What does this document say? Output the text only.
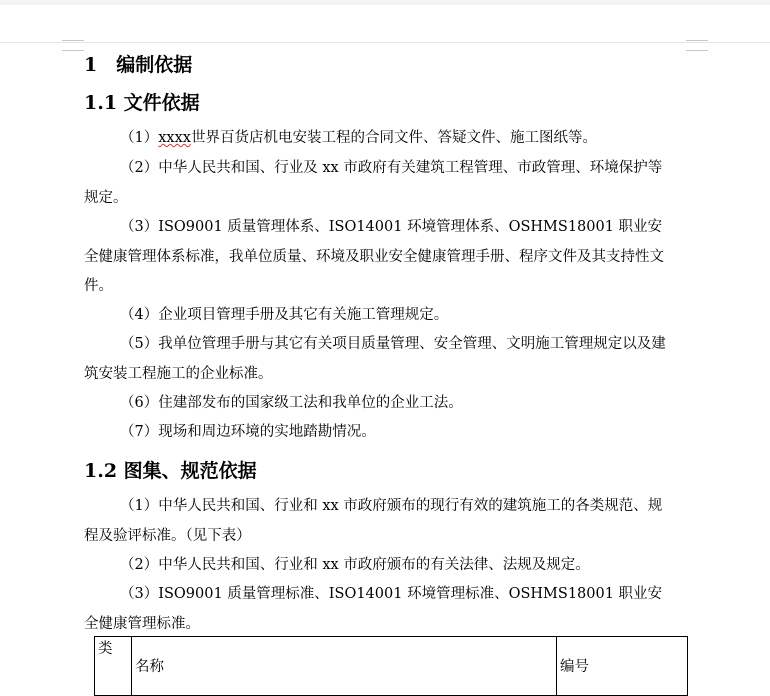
1　编制依据
1.1 文件依据
（1）xxxx世界百货店机电安装工程的合同文件、答疑文件、施工图纸等。
（2）中华人民共和国、行业及 xx 市政府有关建筑工程管理、市政管理、环境保护等规定。
（3）ISO9001 质量管理体系、ISO14001 环境管理体系、OSHMS18001 职业安全健康管理体系标准，我单位质量、环境及职业安全健康管理手册、程序文件及其支持性文件。
（4）企业项目管理手册及其它有关施工管理规定。
（5）我单位管理手册与其它有关项目质量管理、安全管理、文明施工管理规定以及建筑安装工程施工的企业标准。
（6）住建部发布的国家级工法和我单位的企业工法。
（7）现场和周边环境的实地踏勘情况。
1.2 图集、规范依据
（1）中华人民共和国、行业和 xx 市政府颁布的现行有效的建筑施工的各类规范、规程及验评标准。（见下表）
（2）中华人民共和国、行业和 xx 市政府颁布的有关法律、法规及规定。
（3）ISO9001 质量管理标准、ISO14001 环境管理标准、OSHMS18001 职业安全健康管理标准。
类	名称	编号
